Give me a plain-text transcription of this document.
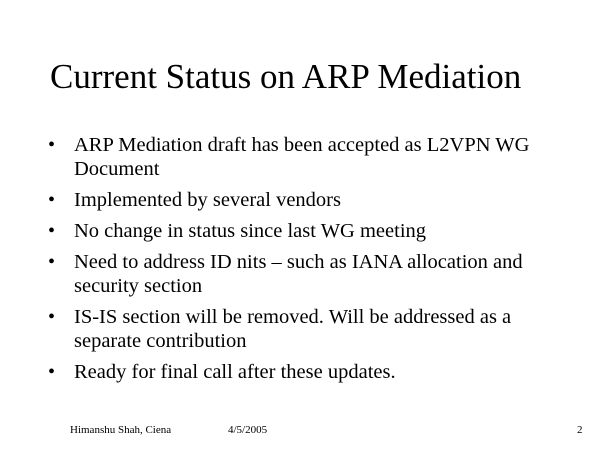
Current Status on ARP Mediation
• ARP Mediation draft has been accepted as L2VPN WG Document
• Implemented by several vendors
• No change in status since last WG meeting
• Need to address ID nits – such as IANA allocation and security section
• IS-IS section will be removed. Will be addressed as a separate contribution
• Ready for final call after these updates.
Himanshu Shah, Ciena	4/5/2005	2
